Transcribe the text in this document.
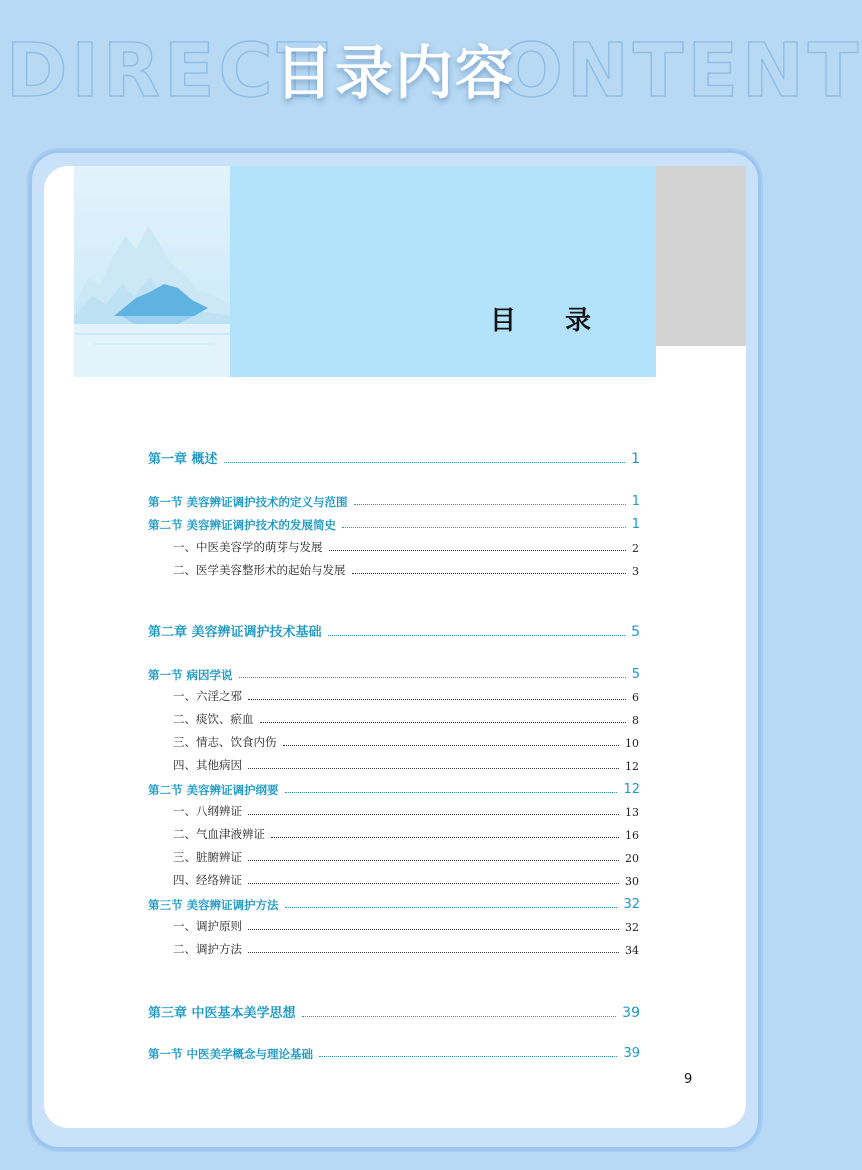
DIRECT ONTENT
目录内容
目 录
第一章 概述	1
第一节 美容辨证调护技术的定义与范围	1
第二节 美容辨证调护技术的发展简史	1
一、中医美容学的萌芽与发展	2
二、医学美容整形术的起始与发展	3
第二章 美容辨证调护技术基础	5
第一节 病因学说	5
一、六淫之邪	6
二、痰饮、瘀血	8
三、情志、饮食内伤	10
四、其他病因	12
第二节 美容辨证调护纲要	12
一、八纲辨证	13
二、气血津液辨证	16
三、脏腑辨证	20
四、经络辨证	30
第三节 美容辨证调护方法	32
一、调护原则	32
二、调护方法	34
第三章 中医基本美学思想	39
第一节 中医美学概念与理论基础	39
9
